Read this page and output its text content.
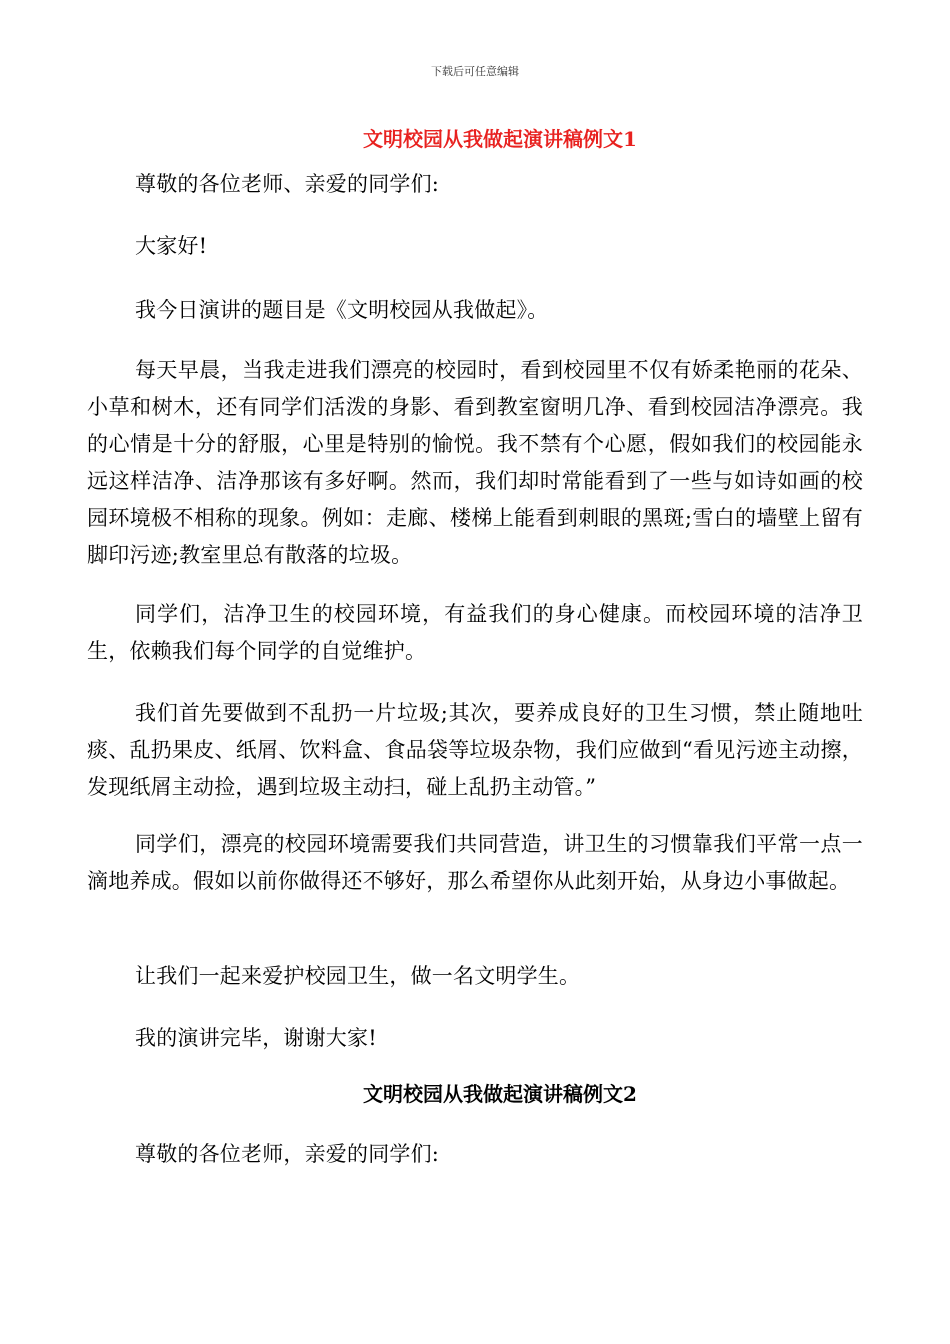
下载后可任意编辑
文明校园从我做起演讲稿例文1

尊敬的各位老师、亲爱的同学们:

大家好!

我今日演讲的题目是《文明校园从我做起》。

每天早晨，当我走进我们漂亮的校园时，看到校园里不仅有娇柔艳丽的花朵、小草和树木，还有同学们活泼的身影、看到教室窗明几净、看到校园洁净漂亮。我的心情是十分的舒服，心里是特别的愉悦。我不禁有个心愿，假如我们的校园能永远这样洁净、洁净那该有多好啊。然而，我们却时常能看到了一些与如诗如画的校园环境极不相称的现象。例如：走廊、楼梯上能看到刺眼的黑斑;雪白的墙壁上留有脚印污迹;教室里总有散落的垃圾。

同学们，洁净卫生的校园环境，有益我们的身心健康。而校园环境的洁净卫生，依赖我们每个同学的自觉维护。

我们首先要做到不乱扔一片垃圾;其次，要养成良好的卫生习惯，禁止随地吐痰、乱扔果皮、纸屑、饮料盒、食品袋等垃圾杂物，我们应做到“看见污迹主动擦，发现纸屑主动捡，遇到垃圾主动扫，碰上乱扔主动管。”

同学们，漂亮的校园环境需要我们共同营造，讲卫生的习惯靠我们平常一点一滴地养成。假如以前你做得还不够好，那么希望你从此刻开始，从身边小事做起。

让我们一起来爱护校园卫生，做一名文明学生。

我的演讲完毕，谢谢大家!

文明校园从我做起演讲稿例文2

尊敬的各位老师，亲爱的同学们:
